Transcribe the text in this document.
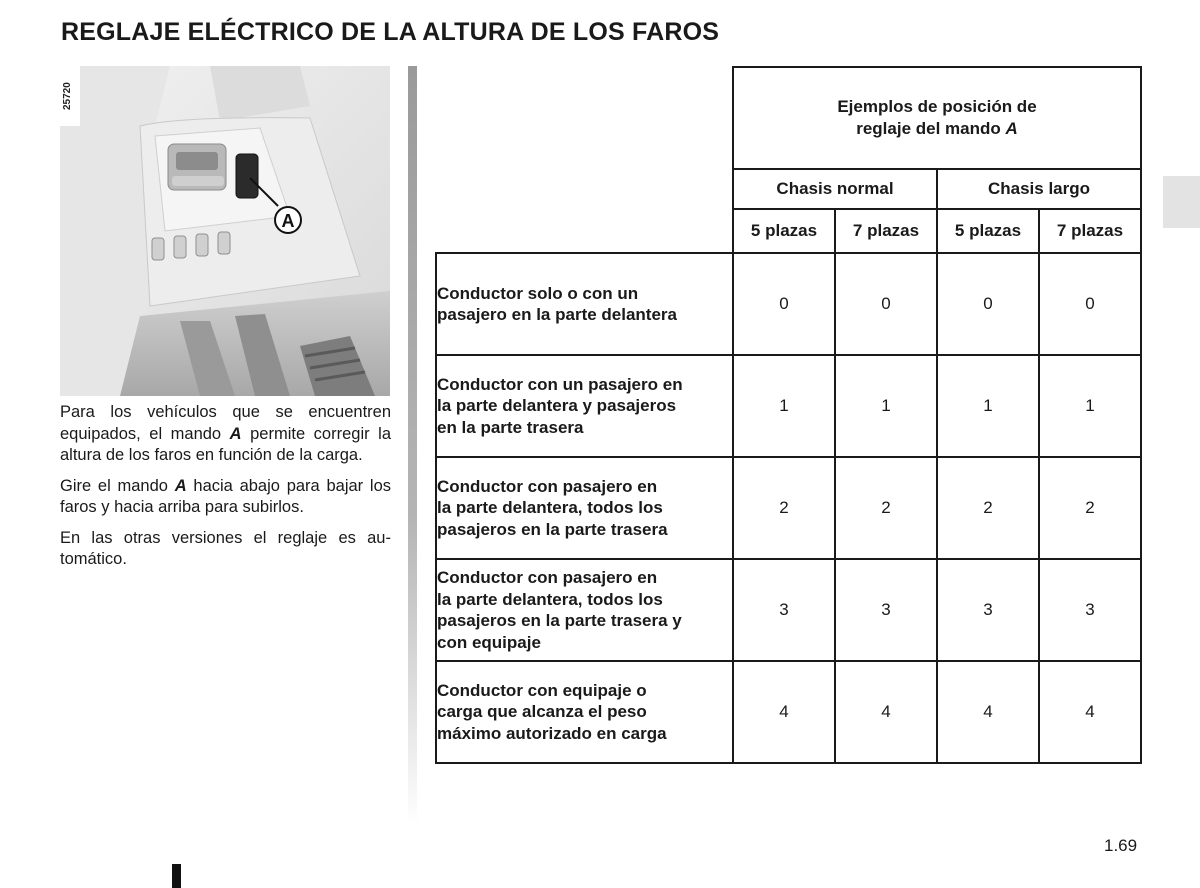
REGLAJE ELÉCTRICO DE LA ALTURA DE LOS FAROS
A
25720

Para los vehículos que se encuentren equipados, el mando A permite corregir la altura de los faros en función de la carga.

Gire el mando A hacia abajo para bajar los faros y hacia arriba para subirlos.

En las otras versiones el reglaje es automático.

1.69

	Ejemplos de posición de
reglaje del mando A			

	Chasis normal		Chasis largo	
	5 plazas	7 plazas	5 plazas	7 plazas

Conductor solo o con un
pasajero en la parte delantera	0	0	0	0

Conductor con un pasajero en
la parte delantera y pasajeros
en la parte trasera	1	1	1	1

Conductor con pasajero en
la parte delantera, todos los
pasajeros en la parte trasera	2	2	2	2

Conductor con pasajero en
la parte delantera, todos los
pasajeros en la parte trasera y
con equipaje	3	3	3	3

Conductor con equipaje o
carga que alcanza el peso
máximo autorizado en carga	4	4	4	4
